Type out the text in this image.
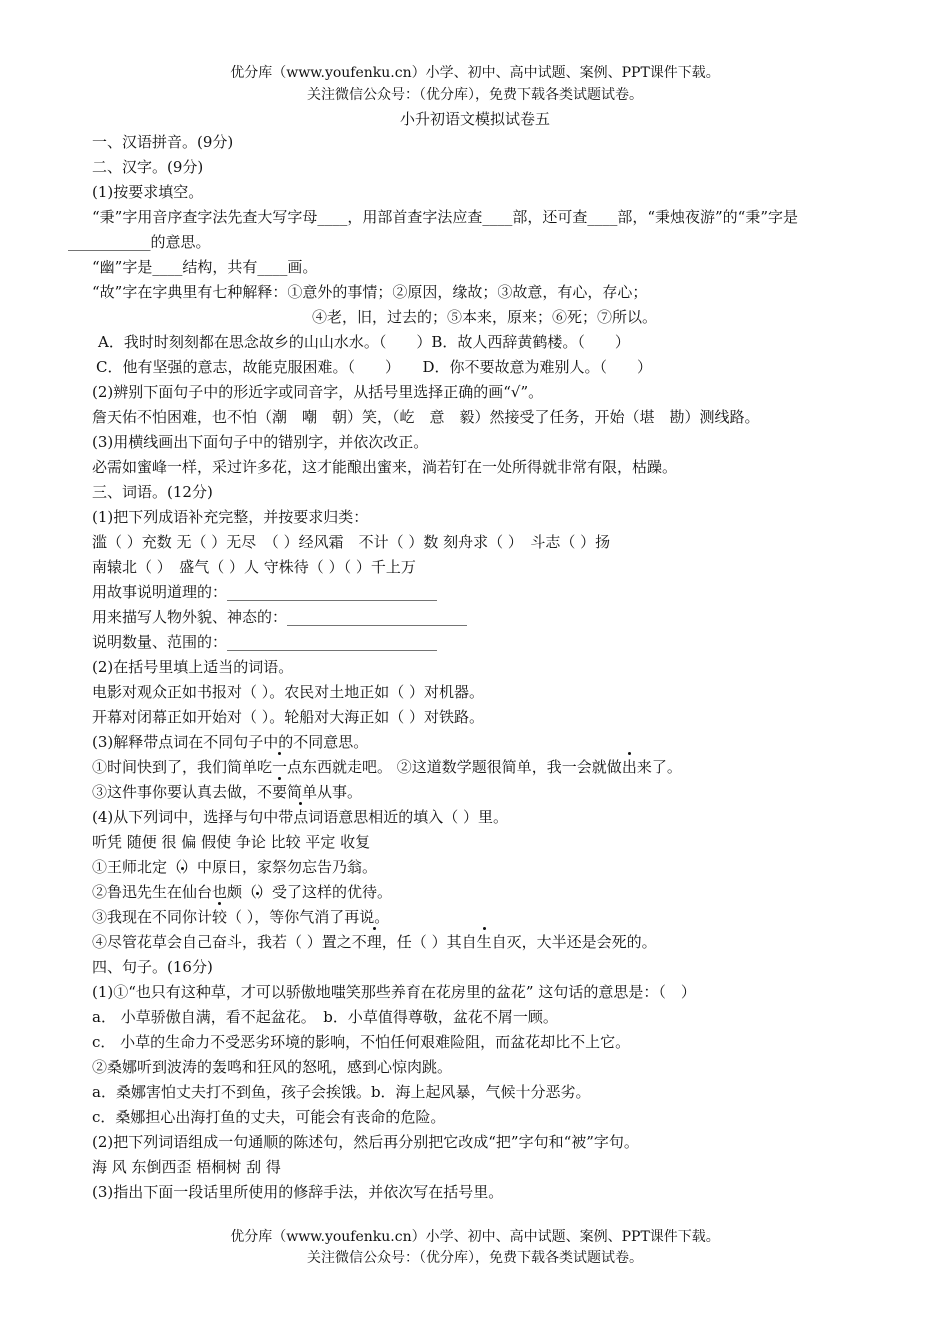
优分库（www.youfenku.cn）小学、初中、高中试题、案例、PPT课件下载。
关注微信公众号：（优分库），免费下载各类试题试卷。
小升初语文模拟试卷五
一、汉语拼音。(9分)
二、汉字。(9分)
(1)按要求填空。
“秉”字用音序查字法先查大写字母____，用部首查字法应查____部，还可查____部，“秉烛夜游”的“秉”字是
___________的意思。
“幽”字是____结构，共有____画。
“故”字在字典里有七种解释：①意外的事情；②原因，缘故；③故意，有心，存心；
④老，旧，过去的；⑤本来，原来；⑥死；⑦所以。
A．我时时刻刻都在思念故乡的山山水水。（　　）B．故人西辞黄鹤楼。（　　）
C．他有坚强的意志，故能克服困难。（　　）　　D．你不要故意为难别人。（　　）
(2)辨别下面句子中的形近字或同音字，从括号里选择正确的画“√”。
詹天佑不怕困难，也不怕（潮　嘲　朝）笑，（屹　意　毅）然接受了任务，开始（堪　勘）测线路。
(3)用横线画出下面句子中的错别字，并依次改正。
必需如蜜峰一样，采过许多花，这才能酿出蜜来，淌若钉在一处所得就非常有限，枯躁。
三、词语。(12分)
(1)把下列成语补充完整，并按要求归类：
滥（ ）充数 无（ ）无尽　（ ）经风霜　不计（ ）数 刻舟求（ ）　斗志（ ）扬
南辕北（ ）　盛气（ ）人 守株待（ ）（ ）千上万
用故事说明道理的：____________________________
用来描写人物外貌、神态的：________________________
说明数量、范围的：____________________________
(2)在括号里填上适当的词语。
电影对观众正如书报对（ ）。农民对土地正如（ ）对机器。
开幕对闭幕正如开始对（ ）。轮船对大海正如（ ）对铁路。
(3)解释带点词在不同句子中的不同意思。
①时间快到了，我们简单吃一点东西就走吧。 ②这道数学题很简单，我一会就做出来了。
③这件事你要认真去做，不要简单从事。
(4)从下列词中，选择与句中带点词语意思相近的填入（ ）里。
听凭 随便 很 偏 假使 争论 比较 平定 收复
①王师北定（）中原日，家祭勿忘告乃翁。
②鲁迅先生在仙台也颇（）受了这样的优待。
③我现在不同你计较（ ），等你气消了再说。
④尽管花草会自己奋斗，我若（ ）置之不理，任（ ）其自生自灭，大半还是会死的。
四、句子。(16分)
(1)①“也只有这种草，才可以骄傲地嗤笑那些养育在花房里的盆花” 这句话的意思是：（　）
a． 小草骄傲自满，看不起盆花。　b．小草值得尊敬，盆花不屑一顾。
c． 小草的生命力不受恶劣环境的影响，不怕任何艰难险阻，而盆花却比不上它。
②桑娜听到波涛的轰鸣和狂风的怒吼，感到心惊肉跳。
a．桑娜害怕丈夫打不到鱼，孩子会挨饿。b．海上起风暴，气候十分恶劣。
c．桑娜担心出海打鱼的丈夫，可能会有丧命的危险。
(2)把下列词语组成一句通顺的陈述句，然后再分别把它改成“把”字句和“被”字句。
海 风 东倒西歪 梧桐树 刮 得
(3)指出下面一段话里所使用的修辞手法，并依次写在括号里。
优分库（www.youfenku.cn）小学、初中、高中试题、案例、PPT课件下载。
关注微信公众号：（优分库），免费下载各类试题试卷。
